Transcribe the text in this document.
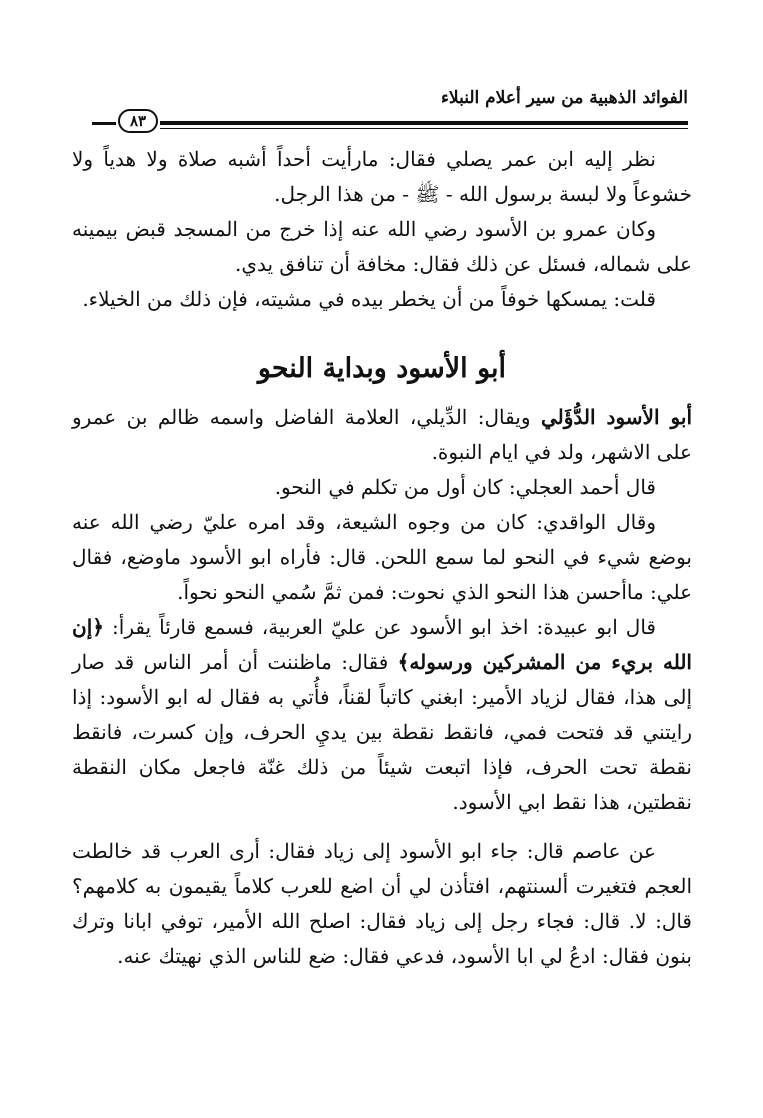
الفوائد الذهبية من سير أعلام النبلاء
٨٣

نظر إليه ابن عمر يصلي فقال: مارأيت أحداً أشبه صلاة ولا هدياً ولا خشوعاً ولا لبسة برسول الله - ﷺ - من هذا الرجل.

وكان عمرو بن الأسود رضي الله عنه إذا خرج من المسجد قبض بيمينه على شماله، فسئل عن ذلك فقال: مخافة أن تنافق يدي.

قلت: يمسكها خوفاً من أن يخطر بيده في مشيته، فإن ذلك من الخيلاء.

أبو الأسود وبداية النحو

أبو الأسود الدُّؤَلي ويقال: الدِّيلي، العلامة الفاضل واسمه ظالم بن عمرو على الاشهر، ولد في ايام النبوة.

قال أحمد العجلي: كان أول من تكلم في النحو.

وقال الواقدي: كان من وجوه الشيعة، وقد امره عليّ رضي الله عنه بوضع شيء في النحو لما سمع اللحن. قال: فأراه ابو الأسود ماوضع، فقال علي: ماأحسن هذا النحو الذي نحوت: فمن ثمَّ سُمي النحو نحواً.

قال ابو عبيدة: اخذ ابو الأسود عن عليّ العربية، فسمع قارئاً يقرأ: ﴿إن الله بريء من المشركين ورسوله﴾ فقال: ماظننت أن أمر الناس قد صار إلى هذا، فقال لزياد الأمير: ابغني كاتباً لقناً، فأُتي به فقال له ابو الأسود: إذا رايتني قد فتحت فمي، فانقط نقطة بين يديِ الحرف، وإن كسرت، فانقط نقطة تحت الحرف، فإذا اتبعت شيئاً من ذلك غنّة فاجعل مكان النقطة نقطتين، هذا نقط ابي الأسود.

عن عاصم قال: جاء ابو الأسود إلى زياد فقال: أرى العرب قد خالطت العجم فتغيرت ألسنتهم، افتأذن لي أن اضع للعرب كلاماً يقيمون به كلامهم؟ قال: لا. قال: فجاء رجل إلى زياد فقال: اصلح الله الأمير، توفي ابانا وترك بنون فقال: ادعُ لي ابا الأسود، فدعي فقال: ضع للناس الذي نهيتك عنه.
